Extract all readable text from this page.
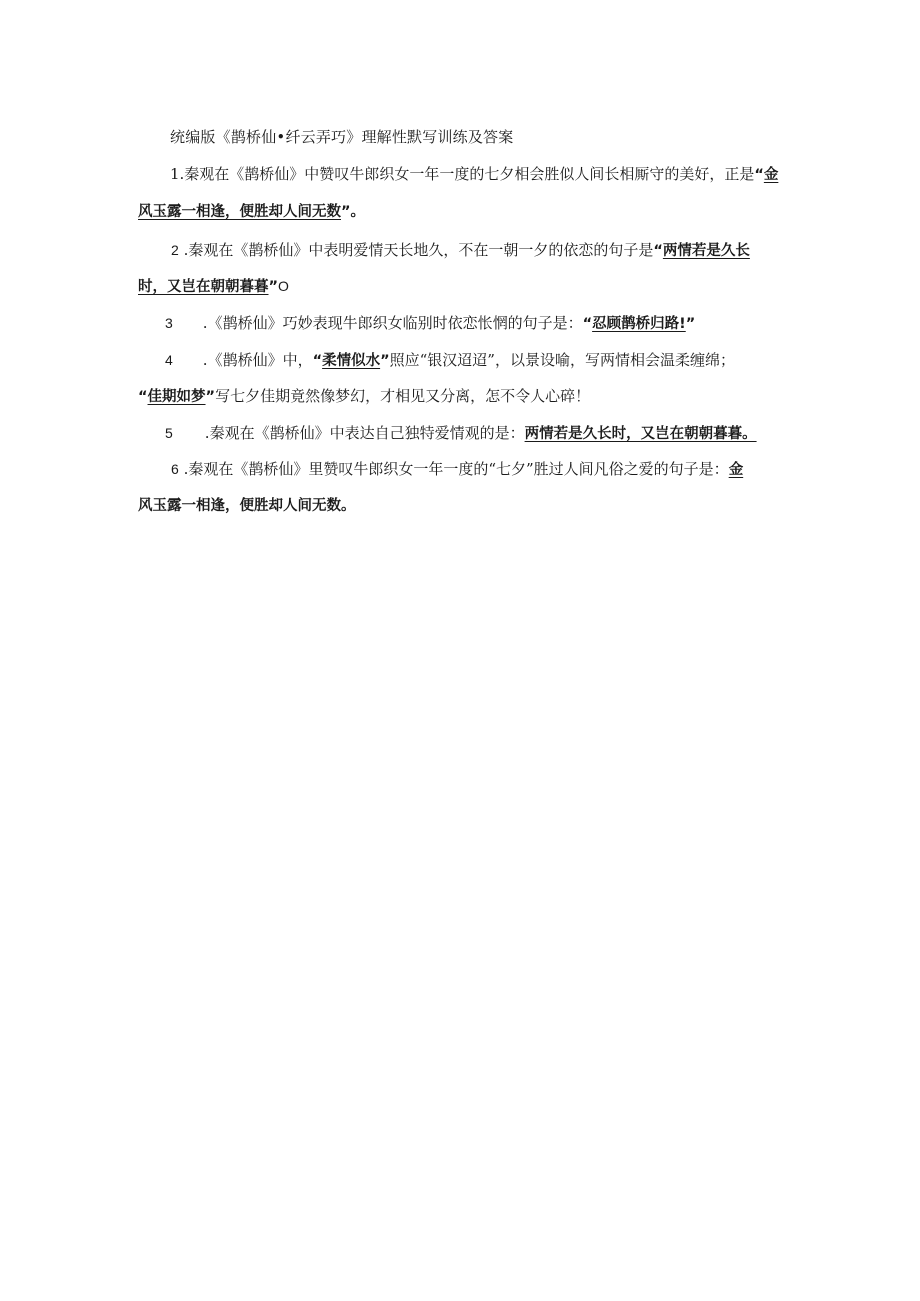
统编版《鹊桥仙•纤云弄巧》理解性默写训练及答案
1.秦观在《鹊桥仙》中赞叹牛郎织女一年一度的七夕相会胜似人间长相厮守的美好，正是“金
风玉露一相逢，便胜却人间无数”。
2 .秦观在《鹊桥仙》中表明爱情天长地久，不在一朝一夕的依恋的句子是“两情若是久长
时，又岂在朝朝暮暮”O
3 .《鹊桥仙》巧妙表现牛郎织女临别时依恋怅惘的句子是：“忍顾鹊桥归路!”
4 .《鹊桥仙》中，“柔情似水”照应“银汉迢迢”，以景设喻，写两情相会温柔缠绵；
“佳期如梦”写七夕佳期竟然像梦幻，才相见又分离，怎不令人心碎！
5 .秦观在《鹊桥仙》中表达自己独特爱情观的是：两情若是久长时，又岂在朝朝暮暮。
6 .秦观在《鹊桥仙》里赞叹牛郎织女一年一度的“七夕”胜过人间凡俗之爱的句子是：金
风玉露一相逢，便胜却人间无数。
